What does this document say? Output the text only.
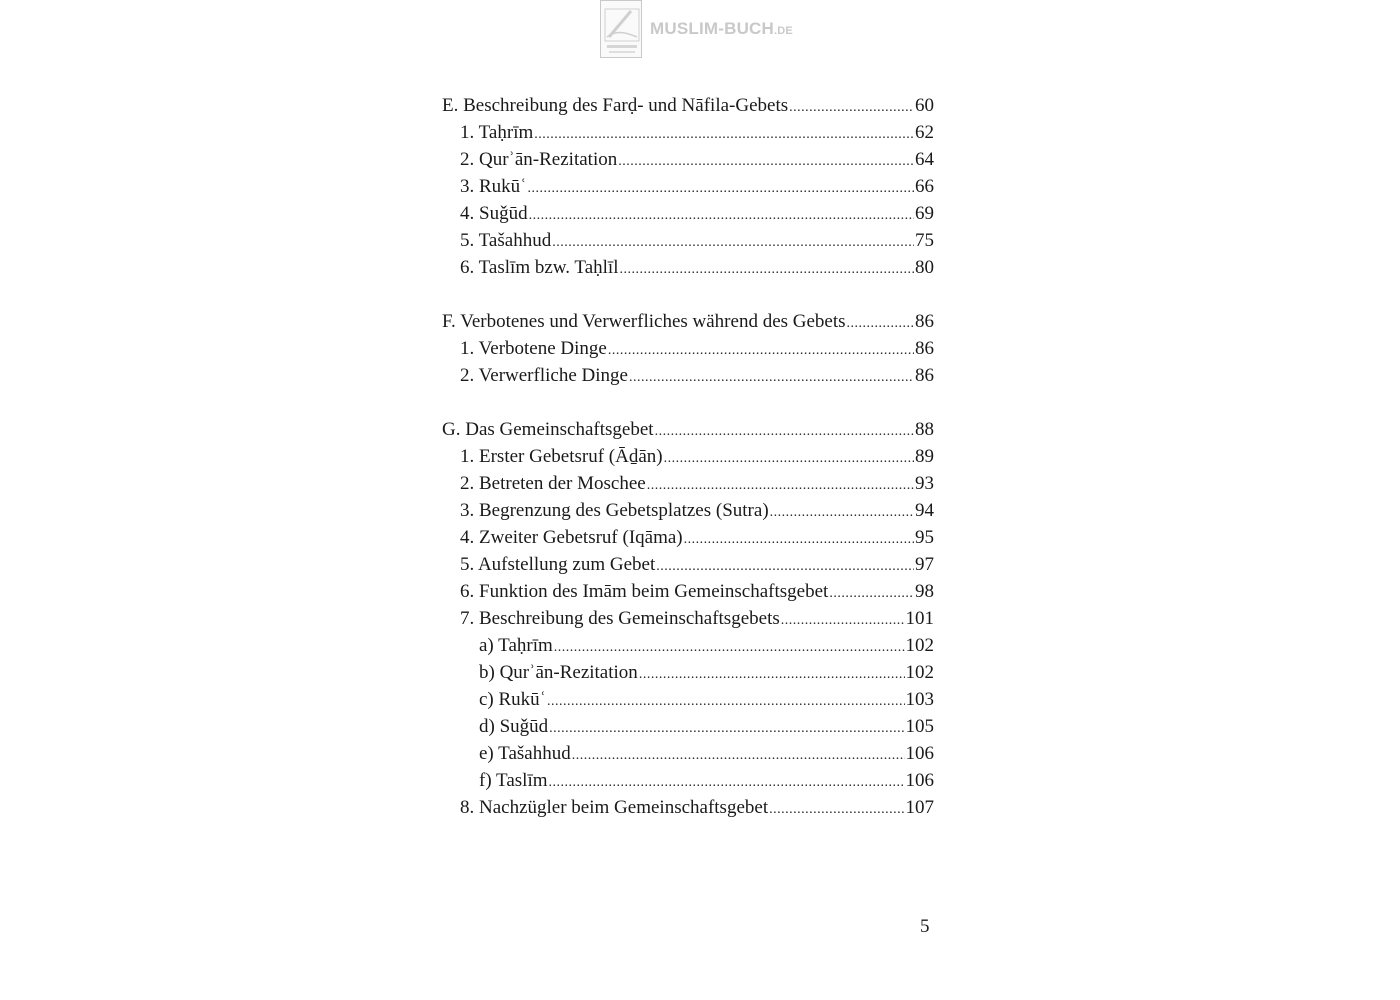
MUSLIM-BUCH.DE
E. Beschreibung des Farḍ- und Nāfila-Gebets .....	60
1. Taḥrīm .....	62
2. Qurʾān-Rezitation .....	64
3. Rukūʿ .....	66
4. Suǧūd .....	69
5. Tašahhud .....	75
6. Taslīm bzw. Taḥlīl .....	80
F. Verbotenes und Verwerfliches während des Gebets .....	86
1. Verbotene Dinge .....	86
2. Verwerfliche Dinge .....	86
G. Das Gemeinschaftsgebet .....	88
1. Erster Gebetsruf (Āḏān) .....	89
2. Betreten der Moschee .....	93
3. Begrenzung des Gebetsplatzes (Sutra) .....	94
4. Zweiter Gebetsruf (Iqāma) .....	95
5. Aufstellung zum Gebet .....	97
6. Funktion des Imām beim Gemeinschaftsgebet .....	98
7. Beschreibung des Gemeinschaftsgebets .....	101
a) Taḥrīm .....	102
b) Qurʾān-Rezitation .....	102
c) Rukūʿ .....	103
d) Suǧūd .....	105
e) Tašahhud .....	106
f) Taslīm .....	106
8. Nachzügler beim Gemeinschaftsgebet .....	107
5
